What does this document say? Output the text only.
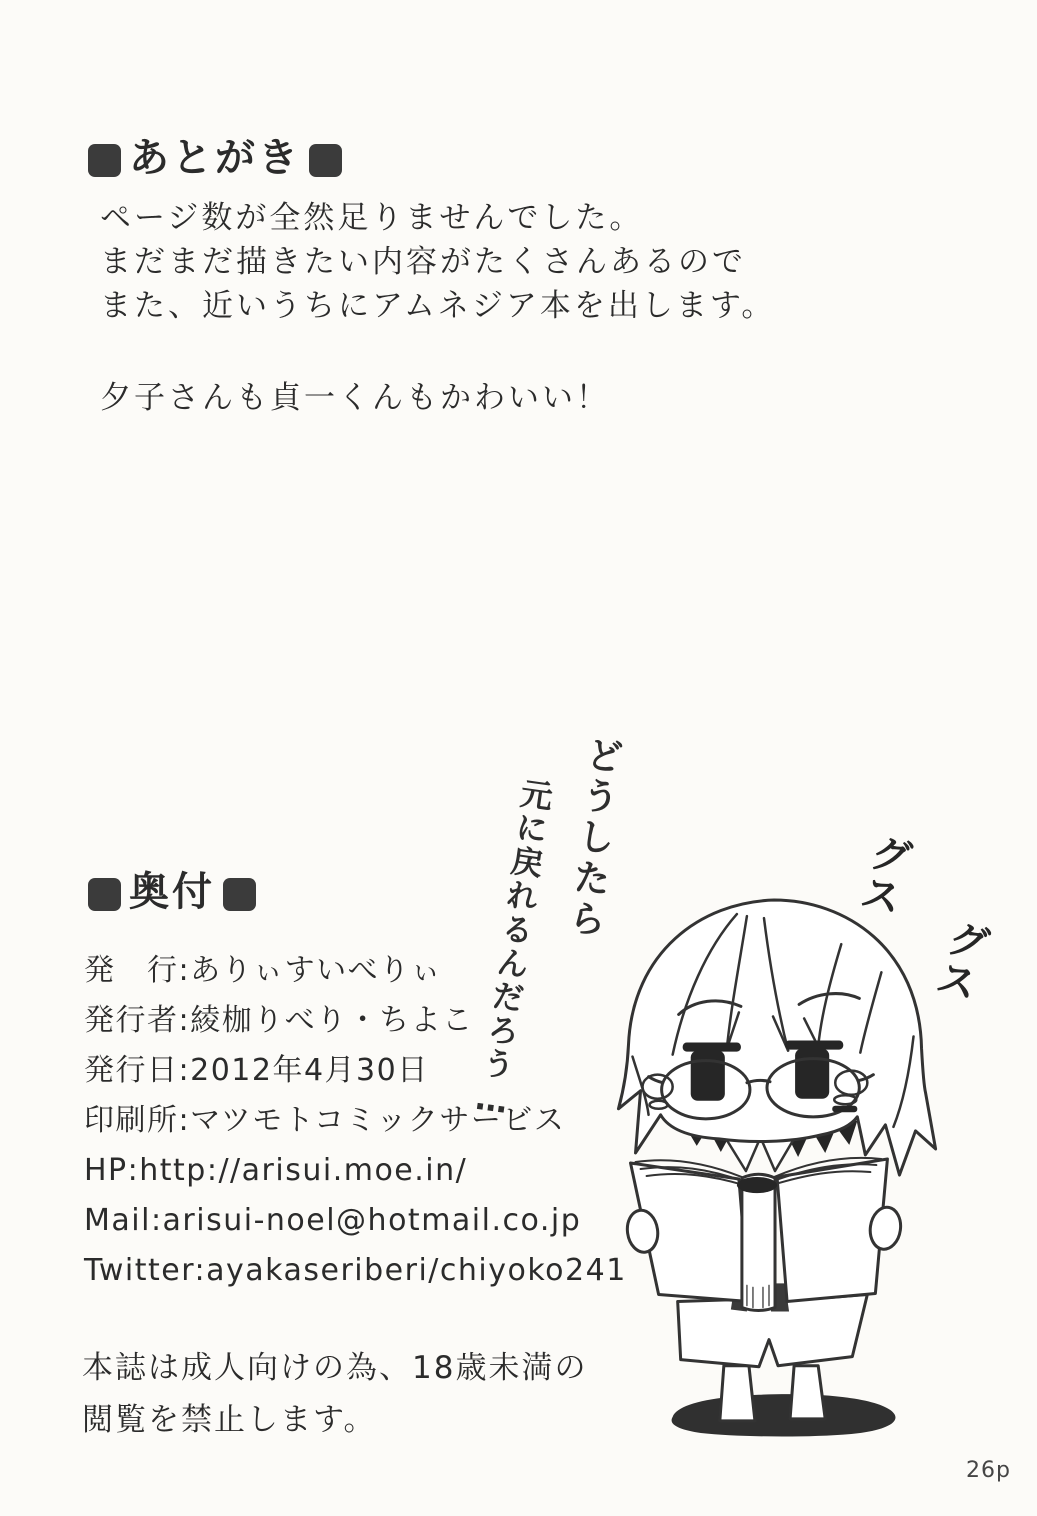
あとがき
ページ数が全然足りませんでした。
まだまだ描きたい内容がたくさんあるので
また、近いうちにアムネジア本を出します。
夕子さんも貞一くんもかわいい！
どうしたら
元に戻れるんだろう…	グス
グス
奥付
発　行:ありぃすいべりぃ
発行者:綾枷りべり・ちよこ
発行日:2012年4月30日
印刷所:マツモトコミックサービス
HP:http://arisui.moe.in/
Mail:arisui-noel@hotmail.co.jp
Twitter:ayakaseriberi/chiyoko241
本誌は成人向けの為、18歳未満の
閲覧を禁止します。
26p
